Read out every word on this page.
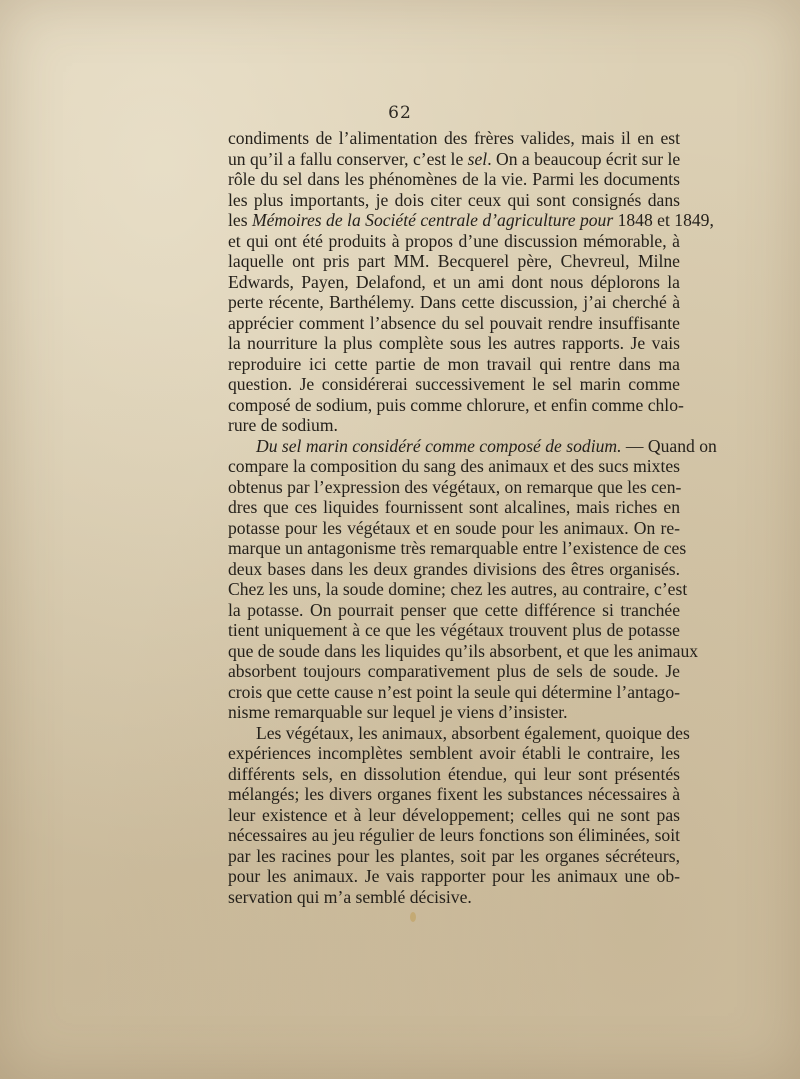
62
condiments de l’alimentation des frères valides, mais il en est
un qu’il a fallu conserver, c’est le sel. On a beaucoup écrit sur le
rôle du sel dans les phénomènes de la vie. Parmi les documents
les plus importants, je dois citer ceux qui sont consignés dans
les Mémoires de la Société centrale d’agriculture pour 1848 et 1849,
et qui ont été produits à propos d’une discussion mémorable, à
laquelle ont pris part MM. Becquerel père, Chevreul, Milne
Edwards, Payen, Delafond, et un ami dont nous déplorons la
perte récente, Barthélemy. Dans cette discussion, j’ai cherché à
apprécier comment l’absence du sel pouvait rendre insuffisante
la nourriture la plus complète sous les autres rapports. Je vais
reproduire ici cette partie de mon travail qui rentre dans ma
question. Je considérerai successivement le sel marin comme
composé de sodium, puis comme chlorure, et enfin comme chlo-
rure de sodium.
Du sel marin considéré comme composé de sodium. — Quand on
compare la composition du sang des animaux et des sucs mixtes
obtenus par l’expression des végétaux, on remarque que les cen-
dres que ces liquides fournissent sont alcalines, mais riches en
potasse pour les végétaux et en soude pour les animaux. On re-
marque un antagonisme très remarquable entre l’existence de ces
deux bases dans les deux grandes divisions des êtres organisés.
Chez les uns, la soude domine; chez les autres, au contraire, c’est
la potasse. On pourrait penser que cette différence si tranchée
tient uniquement à ce que les végétaux trouvent plus de potasse
que de soude dans les liquides qu’ils absorbent, et que les animaux
absorbent toujours comparativement plus de sels de soude. Je
crois que cette cause n’est point la seule qui détermine l’antago-
nisme remarquable sur lequel je viens d’insister.
Les végétaux, les animaux, absorbent également, quoique des
expériences incomplètes semblent avoir établi le contraire, les
différents sels, en dissolution étendue, qui leur sont présentés
mélangés; les divers organes fixent les substances nécessaires à
leur existence et à leur développement; celles qui ne sont pas
nécessaires au jeu régulier de leurs fonctions son éliminées, soit
par les racines pour les plantes, soit par les organes sécréteurs,
pour les animaux. Je vais rapporter pour les animaux une ob-
servation qui m’a semblé décisive.
